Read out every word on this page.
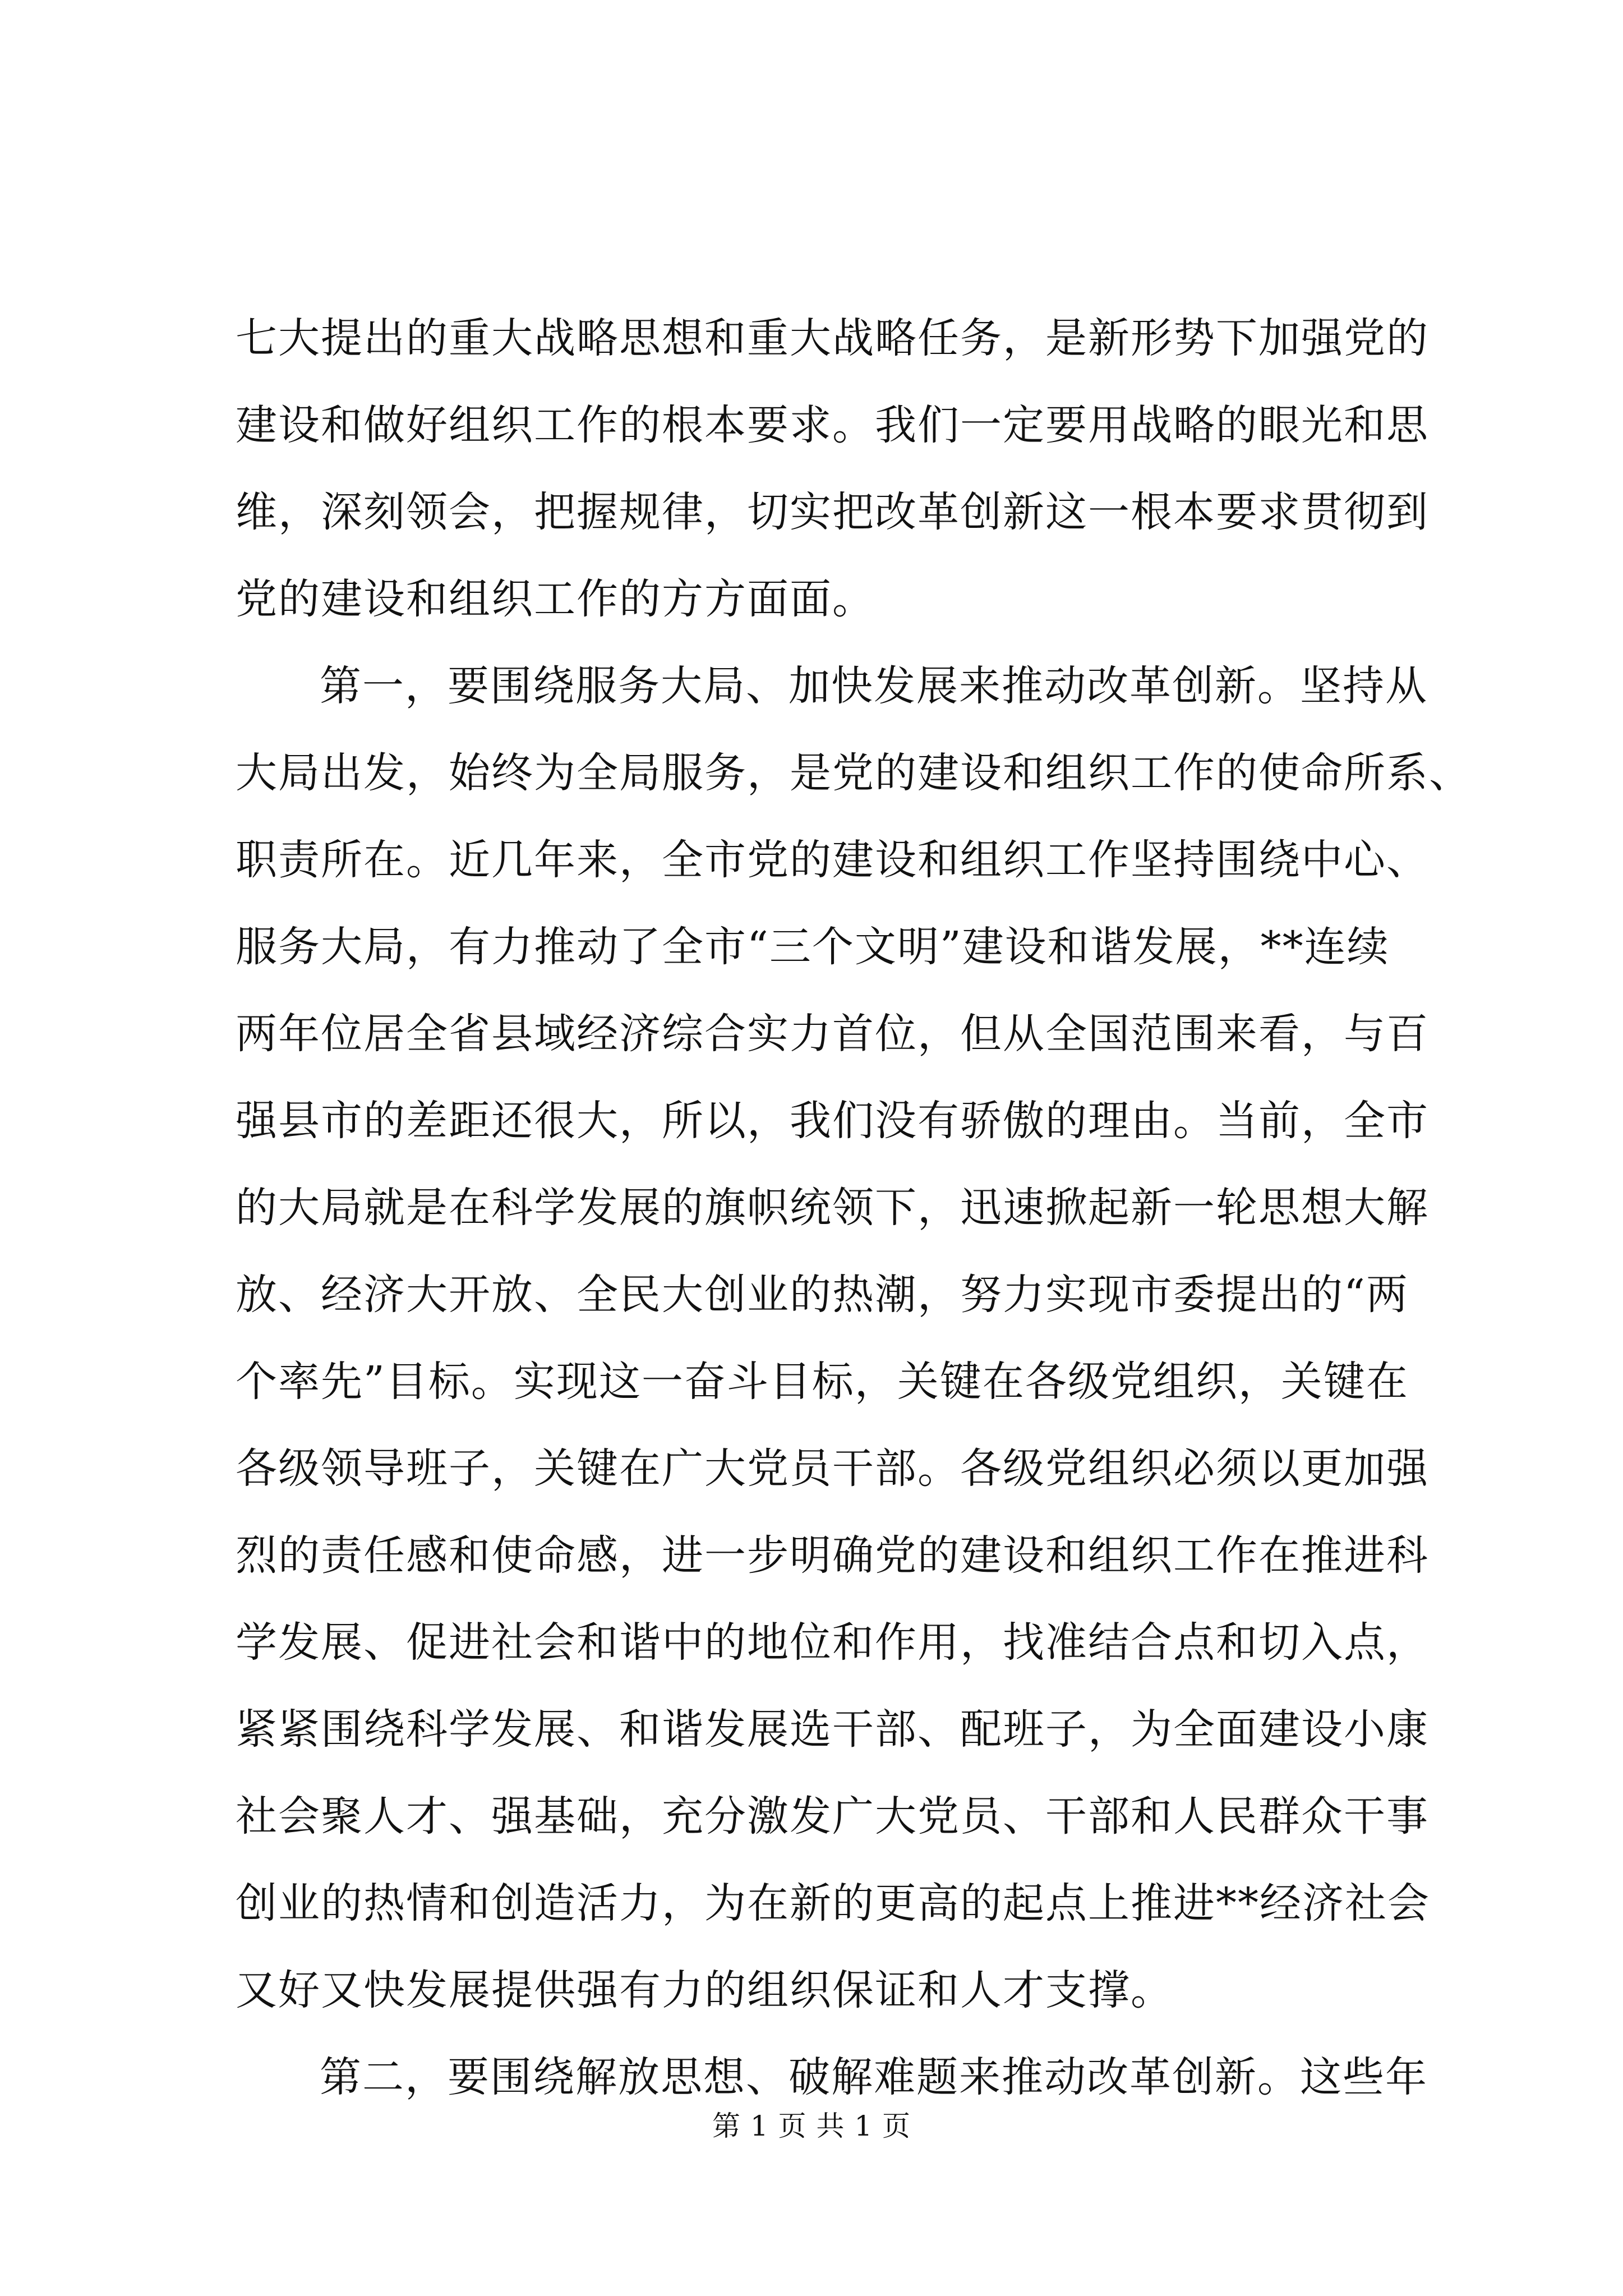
七大提出的重大战略思想和重大战略任务，是新形势下加强党的
建设和做好组织工作的根本要求。我们一定要用战略的眼光和思
维，深刻领会，把握规律，切实把改革创新这一根本要求贯彻到
党的建设和组织工作的方方面面。
第一，要围绕服务大局、加快发展来推动改革创新。坚持从
大局出发，始终为全局服务，是党的建设和组织工作的使命所系、
职责所在。近几年来，全市党的建设和组织工作坚持围绕中心、
服务大局，有力推动了全市“三个文明”建设和谐发展，**连续
两年位居全省县域经济综合实力首位，但从全国范围来看，与百
强县市的差距还很大，所以，我们没有骄傲的理由。当前，全市
的大局就是在科学发展的旗帜统领下，迅速掀起新一轮思想大解
放、经济大开放、全民大创业的热潮，努力实现市委提出的“两
个率先”目标。实现这一奋斗目标，关键在各级党组织，关键在
各级领导班子，关键在广大党员干部。各级党组织必须以更加强
烈的责任感和使命感，进一步明确党的建设和组织工作在推进科
学发展、促进社会和谐中的地位和作用，找准结合点和切入点，
紧紧围绕科学发展、和谐发展选干部、配班子，为全面建设小康
社会聚人才、强基础，充分激发广大党员、干部和人民群众干事
创业的热情和创造活力，为在新的更高的起点上推进**经济社会
又好又快发展提供强有力的组织保证和人才支撑。
第二，要围绕解放思想、破解难题来推动改革创新。这些年
第 1 页 共 1 页
